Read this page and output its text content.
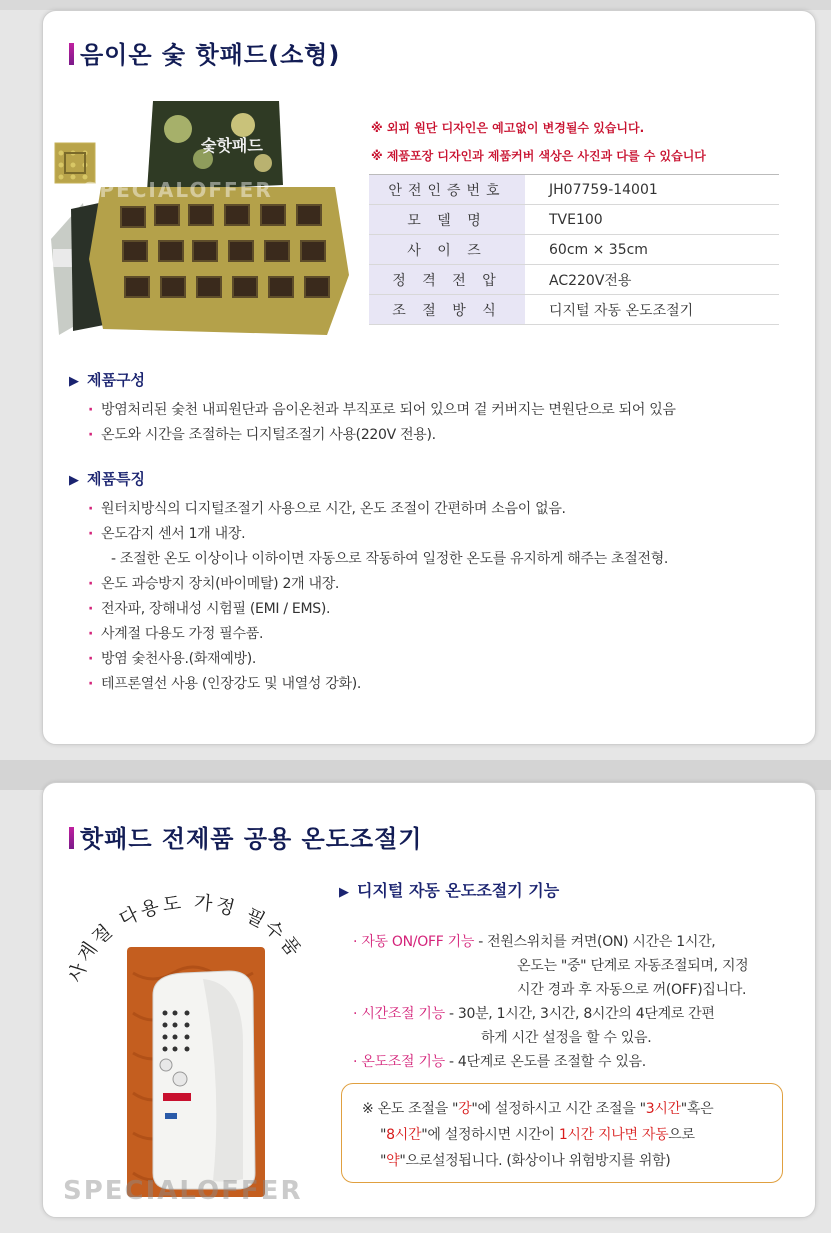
음이온 숯 핫패드(소형)
숯핫패드
SPECIALOFFER
※ 외피 원단 디자인은 예고없이 변경될수 있습니다.
※ 제품포장 디자인과 제품커버 색상은 사진과 다를 수 있습니다
안전인증번호	JH07759-14001
모 델 명	TVE100
사 이 즈	60cm × 35cm
정 격 전 압	AC220V전용
조 절 방 식	디지털 자동 온도조절기
▶ 제품구성
· 방염처리된 숯천 내피원단과 음이온천과 부직포로 되어 있으며 겉 커버지는 면원단으로 되어 있음
· 온도와 시간을 조절하는 디지털조절기 사용(220V 전용).
▶ 제품특징
· 원터치방식의 디지털조절기 사용으로 시간, 온도 조절이 간편하며 소음이 없음.
· 온도감지 센서 1개 내장.
- 조절한 온도 이상이나 이하이면 자동으로 작동하여 일정한 온도를 유지하게 해주는 초절전형.
· 온도 과승방지 장치(바이메탈) 2개 내장.
· 전자파, 장해내성 시험필 (EMI / EMS).
· 사계절 다용도 가정 필수품.
· 방염 숯천사용.(화재예방).
· 테프론열선 사용 (인장강도 및 내열성 강화).
핫패드 전제품 공용 온도조절기
사계절 다용도 가정 필수품
SPECIALOFFER
▶ 디지털 자동 온도조절기 기능
· 자동 ON/OFF 기능 - 전원스위치를 켜면(ON) 시간은 1시간,
온도는 "중" 단계로 자동조절되며, 지정
시간 경과 후 자동으로 꺼(OFF)집니다.
· 시간조절 기능 - 30분, 1시간, 3시간, 8시간의 4단계로 간편
하게 시간 설정을 할 수 있음.
· 온도조절 기능 - 4단계로 온도를 조절할 수 있음.
※ 온도 조절을 "강"에 설정하시고 시간 조절을 "3시간"혹은
"8시간"에 설정하시면 시간이 1시간 지나면 자동으로
"약"으로설정됩니다. (화상이나 위험방지를 위함)
